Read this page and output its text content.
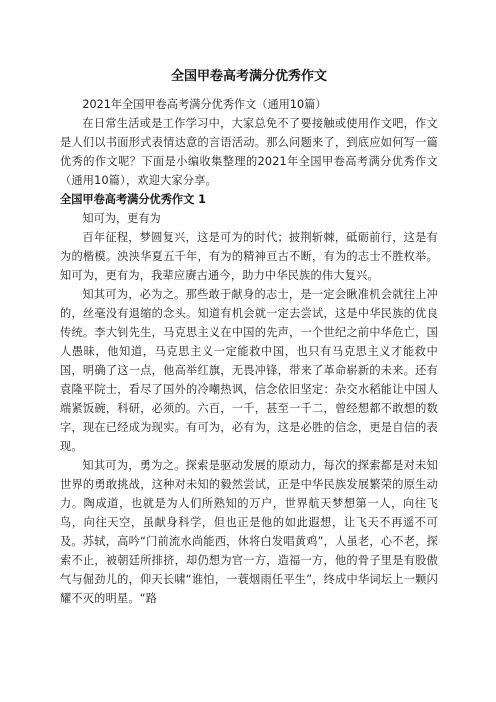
全国甲卷高考满分优秀作文

2021年全国甲卷高考满分优秀作文（通用10篇）

在日常生活或是工作学习中，大家总免不了要接触或使用作文吧，作文是人们以书面形式表情达意的言语活动。那么问题来了，到底应如何写一篇优秀的作文呢？下面是小编收集整理的2021年全国甲卷高考满分优秀作文（通用10篇），欢迎大家分享。

全国甲卷高考满分优秀作文 1

知可为，更有为

百年征程，梦圆复兴，这是可为的时代；披荆斩棘，砥砺前行，这是有为的楷模。泱泱华夏五千年，有为的精神亘古不断，有为的志士不胜枚举。知可为，更有为，我辈应赓古通今，助力中华民族的伟大复兴。

知其可为，必为之。那些敢于献身的志士，是一定会瞅准机会就往上冲的，丝毫没有退缩的念头。知道有机会就一定去尝试，这是中华民族的优良传统。李大钊先生，马克思主义在中国的先声，一个世纪之前中华危亡，国人愚昧，他知道，马克思主义一定能救中国，也只有马克思主义才能救中国，明确了这一点，他高举红旗，无畏冲锋，带来了革命崭新的未来。还有袁隆平院士，看尽了国外的冷嘲热讽，信念依旧坚定：杂交水稻能让中国人端紧饭碗，科研，必须的。六百，一千，甚至一千二，曾经想都不敢想的数字，现在已经成为现实。有可为，必有为，这是必胜的信念，更是自信的表现。

知其可为，勇为之。探索是驱动发展的原动力，每次的探索都是对未知世界的勇敢挑战，这种对未知的毅然尝试，正是中华民族发展繁荣的原生动力。陶成道，也就是为人们所熟知的万户，世界航天梦想第一人，向往飞鸟，向往天空，虽献身科学，但也正是他的如此遐想，让飞天不再遥不可及。苏轼，高吟“门前流水尚能西，休将白发唱黄鸡”，人虽老，心不老，探索不止，被朝廷所排挤，却仍想为官一方，造福一方，他的骨子里是有股傲气与倔劲儿的，仰天长啸“谁怕，一蓑烟雨任平生”，终成中华词坛上一颗闪耀不灭的明星。“路
